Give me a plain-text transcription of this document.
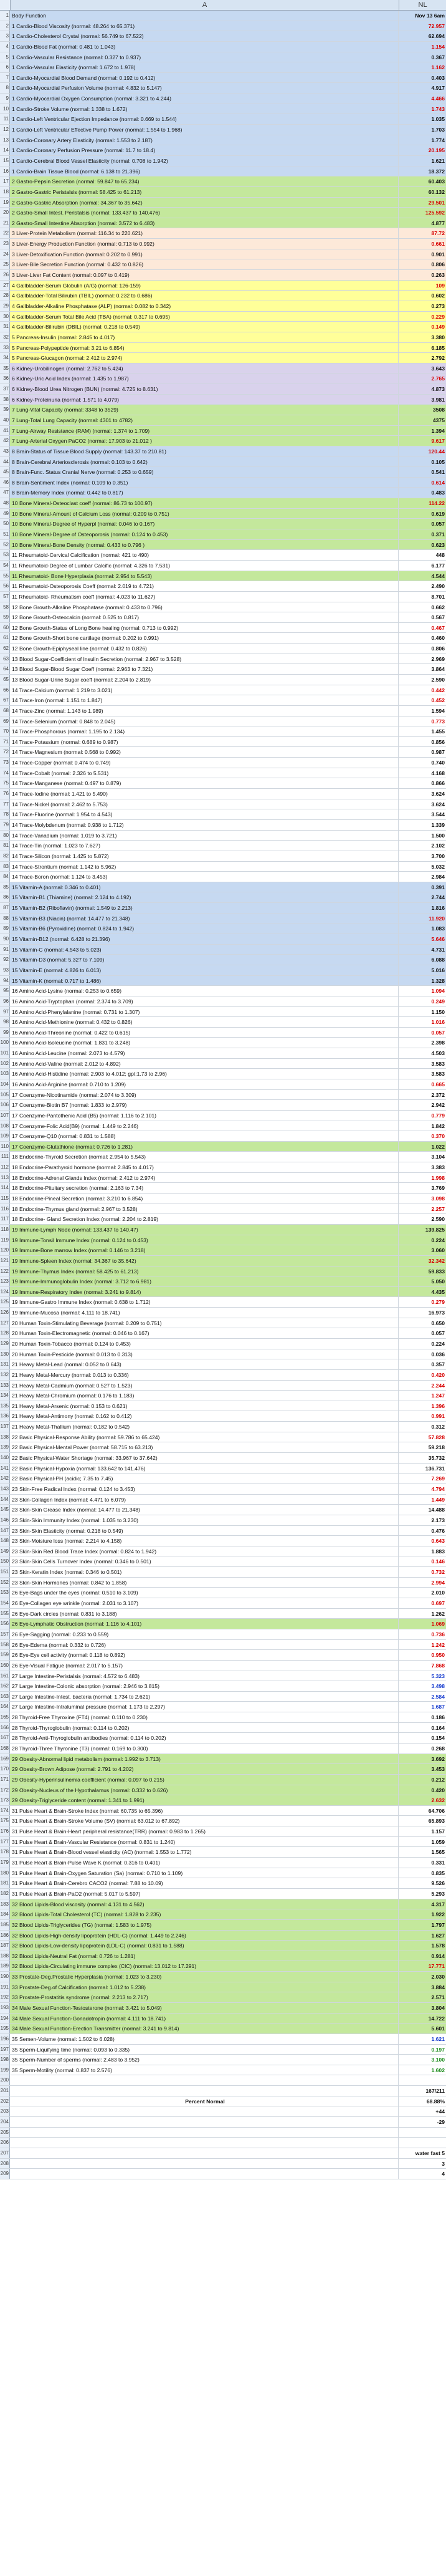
A	NL
1 Body Function	Nov 13 6am
2 1 Cardio-Blood Viscosity (normal: 48.264 to 65.371)	72.957
3 1 Cardio-Cholesterol Crystal (normal: 56.749 to 67.522)	62.694
4 1 Cardio-Blood Fat (normal: 0.481 to 1.043)	1.154
5 1 Cardio-Vascular Resistance (normal: 0.327 to 0.937)	0.367
6 1 Cardio-Vascular Elasticity (normal: 1.672 to 1.978)	1.162
7 1 Cardio-Myocardial Blood Demand (normal: 0.192 to 0.412)	0.403
8 1 Cardio-Myocardial Perfusion Volume (normal: 4.832 to 5.147)	4.917
9 1 Cardio-Myocardial Oxygen Consumption (normal: 3.321 to 4.244)	4.466
10 1 Cardio-Stroke Volume (normal: 1.338 to 1.672)	1.743
11 1 Cardio-Left Ventricular Ejection Impedance (normal: 0.669 to 1.544)	1.035
12 1 Cardio-Left Ventricular Effective Pump Power (normal: 1.554 to 1.968)	1.703
13 1 Cardio-Coronary Artery Elasticity (normal: 1.553 to 2.187)	1.774
14 1 Cardio-Coronary Perfusion Pressure (normal: 11.7 to 18.4)	20.195
15 1 Cardio-Cerebral Blood Vessel Elasticity (normal: 0.708 to 1.942)	1.621
16 1 Cardio-Brain Tissue Blood (normal: 6.138 to 21.396)	18.372
17 2 Gastro-Pepsin Secretion (normal: 59.847 to 65.234)	60.403
18 2 Gastro-Gastric Peristalsis (normal: 58.425 to 61.213)	60.132
19 2 Gastro-Gastric Absorption (normal: 34.367 to 35.642)	29.501
20 2 Gastro-Small Intest. Peristalsis (normal: 133.437 to 140.476)	125.592
21 2 Gastro-Small Intestine Absorption (normal: 3.572 to 6.483)	4.877
22 3 Liver-Protein Metabolism (normal: 116.34 to 220.621)	87.72
23 3 Liver-Energy Production Function (normal: 0.713 to 0.992)	0.661
24 3 Liver-Detoxification Function (normal: 0.202 to 0.991)	0.901
25 3 Liver-Bile Secretion Function (normal: 0.432 to 0.826)	0.806
26 3 Liver-Liver Fat Content (normal: 0.097 to 0.419)	0.263
27 4 Gallbladder-Serum Globulin (A/G) (normal: 126-159)	109
28 4 Gallbladder-Total Bilirubin (TBIL) (normal: 0.232 to 0.686)	0.602
29 4 Gallbladder-Alkaline Phosphatase (ALP) (normal: 0.082 to 0.342)	0.273
30 4 Gallbladder-Serum Total Bile Acid (TBA) (normal: 0.317 to 0.695)	0.229
31 4 Gallbladder-Bilirubin (DBIL) (normal: 0.218 to 0.549)	0.149
32 5 Pancreas-Insulin (normal: 2.845 to 4.017)	3.380
33 5 Pancreas-Polypeptide (normal: 3.21 to 6.854)	6.185
34 5 Pancreas-Glucagon (normal: 2.412 to 2.974)	2.792
35 6 Kidney-Urobilinogen (normal: 2.762 to 5.424)	3.643
36 6 Kidney-Uric Acid Index (normal: 1.435 to 1.987)	2.765
37 6 Kidney-Blood Urea Nitrogen (BUN) (normal: 4.725 to 8.631)	4.873
38 6 Kidney-Proteinuria (normal: 1.571 to 4.079)	3.981
39 7 Lung-Vital Capacity (normal: 3348 to 3529)	3508
40 7 Lung-Total Lung Capacity (normal: 4301 to 4782)	4375
41 7 Lung-Airway Resistance (RAM) (normal: 1.374 to 1.709)	1.394
42 7 Lung-Arterial Oxygen PaCO2 (normal: 17.903 to 21.012 )	9.617
43 8 Brain-Status of Tissue Blood Supply (normal: 143.37 to 210.81)	120.44
44 8 Brain-Cerebral Arteriosclerosis (normal: 0.103 to 0.642)	0.105
45 8 Brain-Func. Status Cranial Nerve (normal: 0.253 to 0.659)	0.541
46 8 Brain-Sentiment Index (normal: 0.109 to 0.351)	0.614
47 8 Brain-Memory Index (normal: 0.442 to 0.817)	0.483
48 10 Bone Mineral-Osteoclast coeff (normal: 86.73 to 100.97)	114.22
49 10 Bone Mineral-Amount of Calcium Loss (normal: 0.209 to 0.751)	0.619
50 10 Bone Mineral-Degree of Hyperpl (normal: 0.046 to 0.167)	0.057
51 10 Bone Mineral-Degree of Osteoporosis (normal: 0.124 to 0.453)	0.371
52 10 Bone Mineral-Bone Density (normal: 0.433 to 0.796 )	0.623
53 11 Rheumatoid-Cervical Calcification (normal: 421 to 490)	448
54 11 Rheumatoid-Degree of Lumbar Calcific (normal: 4.326 to 7.531)	6.177
55 11 Rheumatoid- Bone Hyperplasia (normal: 2.954 to 5.543)	4.544
56 11 Rheumatoid-Osteoporosis Coeff (normal: 2.019 to 4.721)	2.490
57 11 Rheumatoid- Rheumatism coeff (normal: 4.023 to 11.627)	8.701
58 12 Bone Growth-Alkaline Phosphatase (normal: 0.433 to 0.796)	0.662
59 12 Bone Growth-Osteocalcin (normal: 0.525 to 0.817)	0.567
60 12 Bone Growth-Status of Long Bone healing (normal: 0.713 to 0.992)	0.467
61 12 Bone Growth-Short bone cartilage (normal: 0.202 to 0.991)	0.460
62 12 Bone Growth-Epiphyseal line (normal: 0.432 to 0.826)	0.806
63 13 Blood Sugar-Coefficient of Insulin Secretion (normal: 2.967 to 3.528)	2.969
64 13 Blood Sugar-Blood Sugar Coeff (normal: 2.963 to 7.321)	3.864
65 13 Blood Sugar-Urine Sugar coeff (normal: 2.204 to 2.819)	2.590
66 14 Trace-Calcium (normal: 1.219 to 3.021)	0.442
67 14 Trace-Iron (normal: 1.151 to 1.847)	0.452
68 14 Trace-Zinc (normal: 1.143 to 1.989)	1.594
69 14 Trace-Selenium (normal: 0.848 to 2.045)	0.773
70 14 Trace-Phosphorous (normal: 1.195 to 2.134)	1.455
71 14 Trace-Potassium (normal: 0.689 to 0.987)	0.856
72 14 Trace-Magnesium (normal: 0.568 to 0.992)	0.987
73 14 Trace-Copper (normal: 0.474 to 0.749)	0.740
74 14 Trace-Cobalt (normal: 2.326 to 5.531)	4.168
75 14 Trace-Manganese (normal: 0.497 to 0.879)	0.866
76 14 Trace-Iodine (normal: 1.421 to 5.490)	3.624
77 14 Trace-Nickel (normal: 2.462 to 5.753)	3.624
78 14 Trace-Fluorine (normal: 1.954 to 4.543)	3.544
79 14 Trace-Molybdenum (normal: 0.938 to 1.712)	1.339
80 14 Trace-Vanadium (normal: 1.019 to 3.721)	1.500
81 14 Trace-Tin (normal: 1.023 to 7.627)	2.102
82 14 Trace-Silicon (normal: 1.425 to 5.872)	3.700
83 14 Trace-Strontium (normal: 1.142 to 5.962)	5.032
84 14 Trace-Boron (normal: 1.124 to 3.453)	2.984
85 15 Vitamin-A (normal: 0.346 to 0.401)	0.391
86 15 Vitamin-B1 (Thiamine) (normal: 2.124 to 4.192)	2.744
87 15 Vitamin-B2 (Riboflavin) (normal: 1.549 to 2.213)	1.816
88 15 Vitamin-B3 (Niacin) (normal: 14.477 to 21.348)	11.920
89 15 Vitamin-B6 (Pyroxidine) (normal: 0.824 to 1.942)	1.083
90 15 Vitamin-B12 (normal: 6.428 to 21.396)	5.646
91 15 Vitamin-C (normal: 4.543 to 5.023)	4.731
92 15 Vitamin-D3 (normal: 5.327 to 7.109)	6.088
93 15 Vitamin-E (normal: 4.826 to 6.013)	5.016
94 15 Vitamin-K (normal: 0.717 to 1.486)	1.328
95 16 Amino Acid-Lysine (normal: 0.253 to 0.659)	1.094
96 16 Amino Acid-Tryptophan (normal: 2.374 to 3.709)	0.249
97 16 Amino Acid-Phenylalanine (normal: 0.731 to 1.307)	1.150
98 16 Amino Acid-Methionine (normal: 0.432 to 0.826)	1.016
99 16 Amino Acid-Threonine (normal: 0.422 to 0.615)	0.057
100 16 Amino Acid-Isoleucine (normal: 1.831 to 3.248)	2.398
101 16 Amino Acid-Leucine (normal: 2.073 to 4.579)	4.503
102 16 Amino Acid-Valine (normal: 2.012 to 4.892)	3.583
103 16 Amino Acid-Histidine (normal: 2.903 to 4.012; gpt:1.73 to 2.96)	3.583
104 16 Amino Acid-Arginine (normal: 0.710 to 1.209)	0.665
105 17 Coenzyme-Nicotinamide (normal: 2.074 to 3.309)	2.372
106 17 Coenzyme-Biotin B7 (normal: 1.833 to 2.979)	2.942
107 17 Coenzyme-Pantothenic Acid (B5) (normal: 1.116 to 2.101)	0.779
108 17 Coenzyme-Folic Acid(B9) (normal: 1.449 to 2.246)	1.842
109 17 Coenzyme-Q10 (normal: 0.831 to 1.588)	0.370
110 17 Coenzyme-Glutathione (normal: 0.726 to 1.281)	1.022
111 18 Endocrine-Thyroid Secretion (normal: 2.954 to 5.543)	3.104
112 18 Endocrine-Parathyroid hormone (normal: 2.845 to 4.017)	3.383
113 18 Endocrine-Adrenal Glands Index (normal: 2.412 to 2.974)	1.998
114 18 Endocrine-Pituitary secretion (normal: 2.163 to 7.34)	3.769
115 18 Endocrine-Pineal Secretion (normal: 3.210 to 6.854)	3.098
116 18 Endocrine-Thymus gland (normal: 2.967 to 3.528)	2.257
117 18 Endocrine- Gland Secretion Index (normal: 2.204 to 2.819)	2.590
118 19 Immune-Lymph Node (normal: 133.437 to 140.47)	139.825
119 19 Immune-Tonsil Immune Index (normal: 0.124 to 0.453)	0.224
120 19 Immune-Bone marrow Index (normal: 0.146 to 3.218)	3.060
121 19 Immune-Spleen Index (normal: 34.367 to 35.642)	32.342
122 19 Immune-Thymus Index (normal: 58.425 to 61.213)	59.833
123 19 Immune-Immunoglobulin Index (normal: 3.712 to 6.981)	5.050
124 19 Immune-Respiratory Index (normal: 3.241 to 9.814)	4.435
125 19 Immune-Gastro Immune Index (normal: 0.638 to 1.712)	0.279
126 19 Immune-Mucosa (normal: 4.111 to 18.741)	16.973
127 20 Human Toxin-Stimulating Beverage (normal: 0.209 to 0.751)	0.650
128 20 Human Toxin-Electromagnetic (normal: 0.046 to 0.167)	0.057
129 20 Human Toxin-Tobacco (normal: 0.124 to 0.453)	0.224
130 20 Human Toxin-Pesticide (normal: 0.013 to 0.313)	0.036
131 21 Heavy Metal-Lead (normal: 0.052 to 0.643)	0.357
132 21 Heavy Metal-Mercury (normal: 0.013 to 0.336)	0.420
133 21 Heavy Metal-Cadmium (normal: 0.527 to 1.523)	2.244
134 21 Heavy Metal-Chromium (normal: 0.176 to 1.183)	1.247
135 21 Heavy Metal-Arsenic (normal: 0.153 to 0.621)	1.396
136 21 Heavy Metal-Antimony (normal: 0.162 to 0.412)	0.991
137 21 Heavy Metal-Thallium (normal: 0.182 to 0.542)	0.312
138 22 Basic Physical-Response Ability (normal: 59.786 to 65.424)	57.828
139 22 Basic Physical-Mental Power (normal: 58.715 to 63.213)	59.218
140 22 Basic Physical-Water Shortage (normal: 33.967 to 37.642)	35.732
141 22 Basic Physical-Hypoxia (normal: 133.642 to 141.476)	136.731
142 22 Basic Physical-PH (acidic; 7.35 to 7.45)	7.269
143 23 Skin-Free Radical Index (normal: 0.124 to 3.453)	4.794
144 23 Skin-Collagen Index (normal: 4.471 to 6.079)	1.449
145 23 Skin-Skin Grease Index (normal: 14.477 to 21.348)	14.488
146 23 Skin-Skin Immunity Index (normal: 1.035 to 3.230)	2.173
147 23 Skin-Skin Elasticity (normal: 0.218 to 0.549)	0.476
148 23 Skin-Moisture loss (normal: 2.214 to 4.158)	0.643
149 23 Skin-Skin Red Blood Trace Index (normal: 0.824 to 1.942)	1.883
150 23 Skin-Skin Cells Turnover Index (normal: 0.346 to 0.501)	0.146
151 23 Skin-Keratin Index (normal: 0.346 to 0.501)	0.732
152 23 Skin-Skin Hormones (normal: 0.842 to 1.858)	2.994
153 26 Eye-Bags under the eyes (normal: 0.510 to 3.109)	2.010
154 26 Eye-Collagen eye wrinkle (normal: 2.031 to 3.107)	0.697
155 26 Eye-Dark circles (normal: 0.831 to 3.188)	1.262
156 26 Eye-Lymphatic Obstruction (normal: 1.116 to 4.101)	1.069
157 26 Eye-Sagging (normal: 0.233 to 0.559)	0.736
158 26 Eye-Edema (normal: 0.332 to 0.726)	1.242
159 26 Eye-Eye cell activity (normal: 0.118 to 0.892)	0.950
160 26 Eye-Visual Fatigue (normal: 2.017 to 5.157)	7.868
161 27 Large Intestine-Peristalsis (normal: 4.572 to 6.483)	5.323
162 27 Large Intestine-Colonic absorption (normal: 2.946 to 3.815)	3.498
163 27 Large Intestine-Intest. bacteria (normal: 1.734 to 2.621)	2.584
164 27 Large Intestine-Intraluminal pressure (normal: 1.173 to 2.297)	1.687
165 28 Thyroid-Free Thyroxine (FT4) (normal: 0.110 to 0.230)	0.186
166 28 Thyroid-Thyroglobulin (normal: 0.114 to 0.202)	0.164
167 28 Thyroid-Anti-Thyroglobulin antibodies (normal: 0.114 to 0.202)	0.154
168 28 Thyroid-Three Thyronine (T3) (normal: 0.169 to 0.300)	0.268
169 29 Obesity-Abnormal lipid metabolism (normal: 1.992 to 3.713)	3.692
170 29 Obesity-Brown Adipose (normal: 2.791 to 4.202)	3.453
171 29 Obesity-Hyperinsulinemia coefficient (normal: 0.097 to 0.215)	0.212
172 29 Obesity-Nucleus of the Hypothalamus (normal: 0.332 to 0.626)	0.420
173 29 Obesity-Triglyceride content (normal: 1.341 to 1.991)	2.632
174 31 Pulse Heart & Brain-Stroke Index (normal: 60.735 to 65.396)	64.706
175 31 Pulse Heart & Brain-Stroke Volume (SV) (normal: 63.012 to 67.892)	65.893
176 31 Pulse Heart & Brain-Heart peripheral resistance(TRR) (normal: 0.983 to 1.265)	1.157
177 31 Pulse Heart & Brain-Vascular Resistance (normal: 0.831 to 1.240)	1.059
178 31 Pulse Heart & Brain-Blood vessel elasticity (AC) (normal: 1.553 to 1.772)	1.565
179 31 Pulse Heart & Brain-Pulse Wave K (normal: 0.316 to 0.401)	0.331
180 31 Pulse Heart & Brain-Oxygen Saturation (Sa) (normal: 0.710 to 1.109)	0.835
181 31 Pulse Heart & Brain-Cerebro CACO2 (normal: 7.88 to 10.09)	9.526
182 31 Pulse Heart & Brain-PaO2 (normal: 5.017 to 5.597)	5.293
183 32 Blood Lipids-Blood viscosity (normal: 4.131 to 4.562)	4.317
184 32 Blood Lipids-Total Cholesterol (TC) (normal: 1.828 to 2.235)	1.922
185 32 Blood Lipids-Triglycerides (TG) (normal: 1.583 to 1.975)	1.797
186 32 Blood Lipids-High-density lipoprotein (HDL-C) (normal: 1.449 to 2.246)	1.627
187 32 Blood Lipids-Low-density lipoprotein (LDL-C) (normal: 0.831 to 1.588)	1.578
188 32 Blood Lipids-Neutral Fat (normal: 0.726 to 1.281)	0.914
189 32 Blood Lipids-Circulating immune complex (CIC) (normal: 13.012 to 17.291)	17.771
190 33 Prostate-Deg.Prostatic Hyperplasia (normal: 1.023 to 3.230)	2.030
191 33 Prostate-Deg.of Calcification (normal: 1.012 to 5.238)	3.884
192 33 Prostate-Prostatitis syndrome (normal: 2.213 to 2.717)	2.571
193 34 Male Sexual Function-Testosterone (normal: 3.421 to 5.049)	3.804
194 34 Male Sexual Function-Gonadotropin (normal: 4.111 to 18.741)	14.722
195 34 Male Sexual Function-Erection Transmitter (normal: 3.241 to 9.814)	5.601
196 35 Semen-Volume (normal: 1.502 to 6.028)	1.621
197 35 Sperm-Liquifying time (normal: 0.093 to 0.335)	0.197
198 35 Sperm-Number of sperms (normal: 2.483 to 3.952)	3.100
199 35 Sperm-Motility (normal: 0.837 to 2.576)	1.602
200
201	167/211
202	Percent Normal	68.88%
203	+44
204	-29
205
206
207	water fast 5
208	3
209	4
